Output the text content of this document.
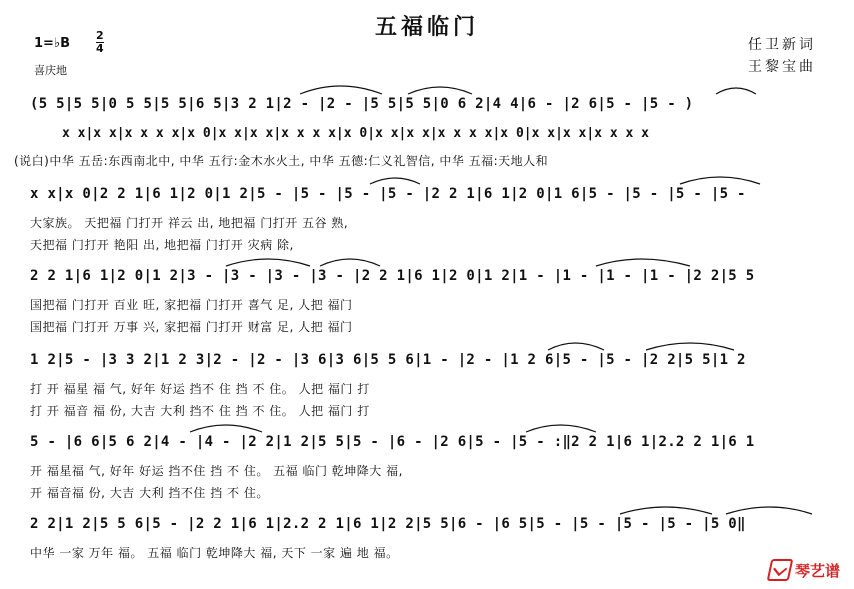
五福临门
1=♭B
2
4
喜庆地
任卫新词
王黎宝曲
(5 5|5 5|0 5 5|5 5|6 5|3 2 1|2 - |2 - |5 5|5 5|0 6 2|4 4|6 - |2 6|5 - |5 - )
x x|x x|x x x x|x 0|x x|x x|x x x x|x 0|x x|x x|x x x x|x 0|x x|x x|x x x x
(说白)中华 五岳:东西南北中, 中华 五行:金木水火土, 中华 五德:仁义礼智信, 中华 五福:天地人和
x x|x 0|2 2 1|6 1|2 0|1 2|5 - |5 - |5 - |5 - |2 2 1|6 1|2 0|1 6|5 - |5 - |5 - |5 -
大家族。 天把福 门打开 祥云 出, 地把福 门打开 五谷 熟,
天把福 门打开 艳阳 出, 地把福 门打开 灾病 除,
2 2 1|6 1|2 0|1 2|3 - |3 - |3 - |3 - |2 2 1|6 1|2 0|1 2|1 - |1 - |1 - |1 - |2 2|5 5
国把福 门打开 百业 旺, 家把福 门打开 喜气 足, 人把 福门
国把福 门打开 万事 兴, 家把福 门打开 财富 足, 人把 福门
1 2|5 - |3 3 2|1 2 3|2 - |2 - |3 6|3 6|5 5 6|1 - |2 - |1 2 6|5 - |5 - |2 2|5 5|1 2
打 开 福星 福 气, 好年 好运 挡不 住 挡 不 住。 人把 福门 打
打 开 福音 福 份, 大吉 大利 挡不 住 挡 不 住。 人把 福门 打
5 - |6 6|5 6 2|4 - |4 - |2 2|1 2|5 5|5 - |6 - |2 6|5 - |5 - :‖2 2 1|6 1|2.2 2 1|6 1
开 福星福 气, 好年 好运 挡不住 挡 不 住。 五福 临门 乾坤降大 福,
开 福音福 份, 大吉 大利 挡不住 挡 不 住。
2 2|1 2|5 5 6|5 - |2 2 1|6 1|2.2 2 1|6 1|2 2|5 5|6 - |6 5|5 - |5 - |5 - |5 - |5 0‖
中华 一家 万年 福。 五福 临门 乾坤降大 福, 天下 一家 遍 地 福。
琴艺谱
